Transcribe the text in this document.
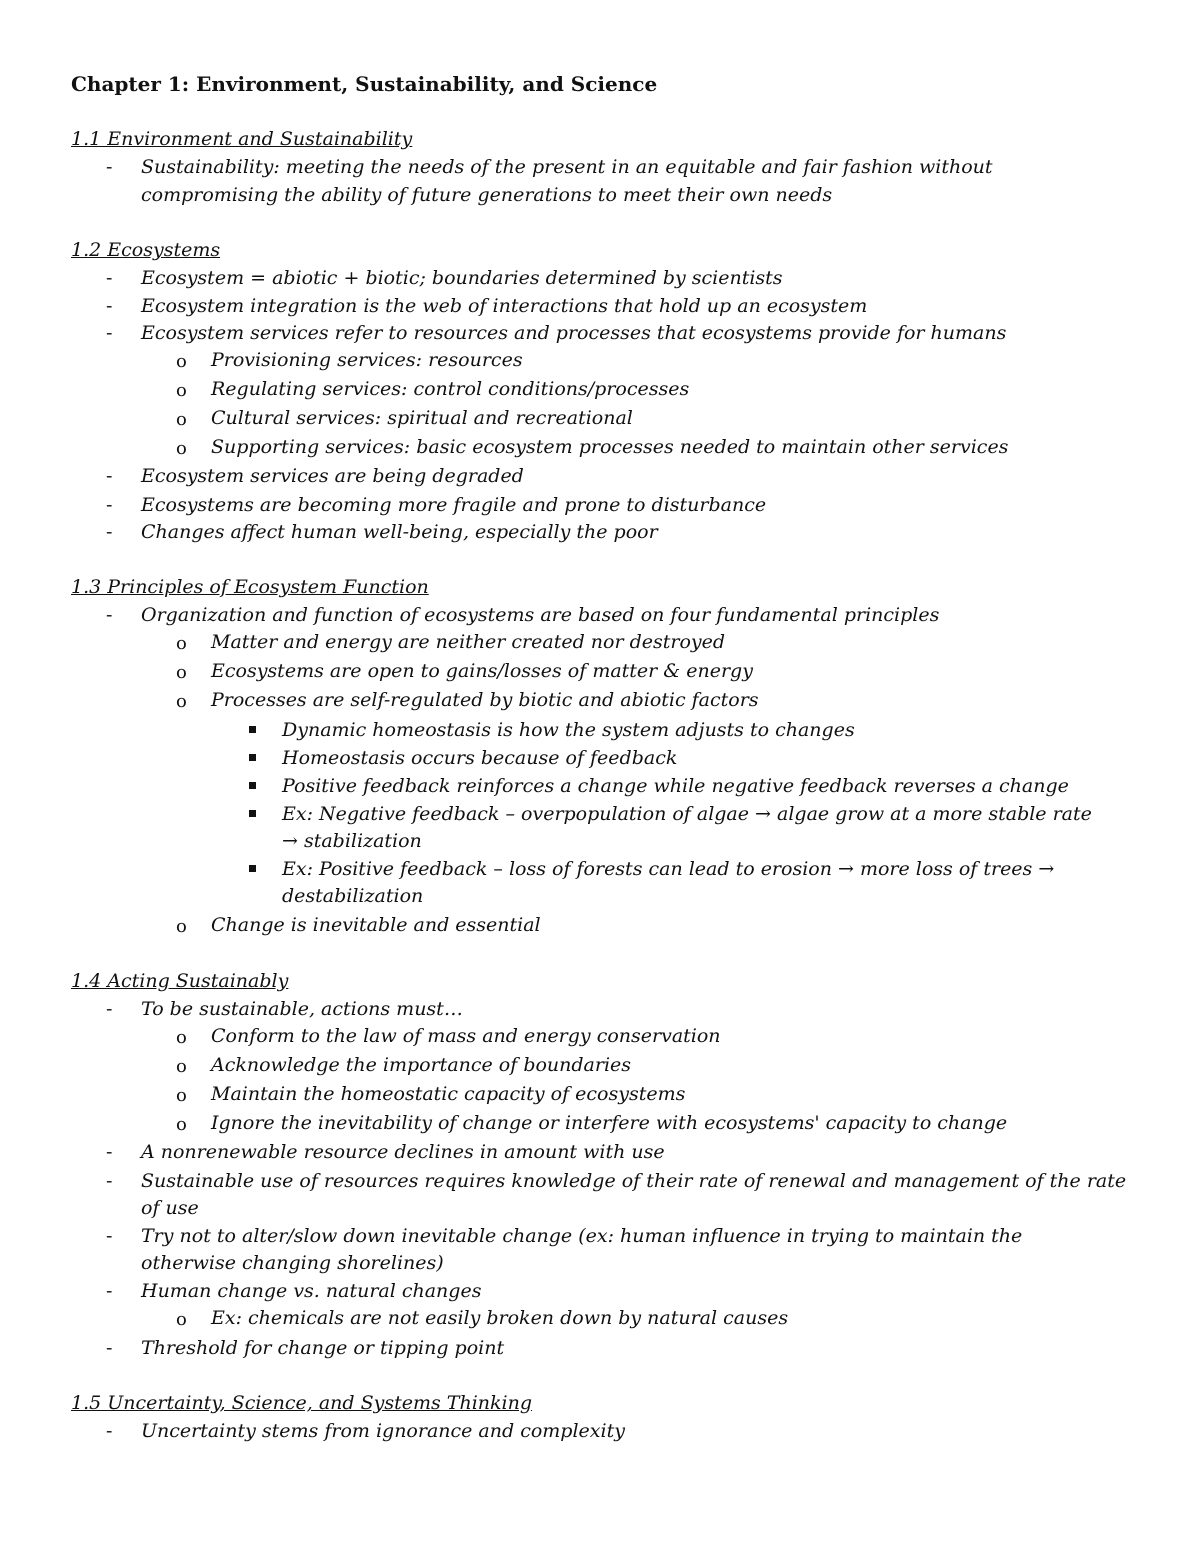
Chapter 1: Environment, Sustainability, and Science
1.1 Environment and Sustainability
- Sustainability: meeting the needs of the present in an equitable and fair fashion without
compromising the ability of future generations to meet their own needs
1.2 Ecosystems
- Ecosystem = abiotic + biotic; boundaries determined by scientists
- Ecosystem integration is the web of interactions that hold up an ecosystem
- Ecosystem services refer to resources and processes that ecosystems provide for humans
o Provisioning services: resources
o Regulating services: control conditions/processes
o Cultural services: spiritual and recreational
o Supporting services: basic ecosystem processes needed to maintain other services
- Ecosystem services are being degraded
- Ecosystems are becoming more fragile and prone to disturbance
- Changes affect human well-being, especially the poor
1.3 Principles of Ecosystem Function
- Organization and function of ecosystems are based on four fundamental principles
o Matter and energy are neither created nor destroyed
o Ecosystems are open to gains/losses of matter & energy
o Processes are self-regulated by biotic and abiotic factors
Dynamic homeostasis is how the system adjusts to changes
Homeostasis occurs because of feedback
Positive feedback reinforces a change while negative feedback reverses a change
Ex: Negative feedback – overpopulation of algae → algae grow at a more stable rate
→ stabilization
Ex: Positive feedback – loss of forests can lead to erosion → more loss of trees →
destabilization
o Change is inevitable and essential
1.4 Acting Sustainably
- To be sustainable, actions must…
o Conform to the law of mass and energy conservation
o Acknowledge the importance of boundaries
o Maintain the homeostatic capacity of ecosystems
o Ignore the inevitability of change or interfere with ecosystems' capacity to change
- A nonrenewable resource declines in amount with use
- Sustainable use of resources requires knowledge of their rate of renewal and management of the rate
of use
- Try not to alter/slow down inevitable change (ex: human influence in trying to maintain the
otherwise changing shorelines)
- Human change vs. natural changes
o Ex: chemicals are not easily broken down by natural causes
- Threshold for change or tipping point
1.5 Uncertainty, Science, and Systems Thinking
- Uncertainty stems from ignorance and complexity
